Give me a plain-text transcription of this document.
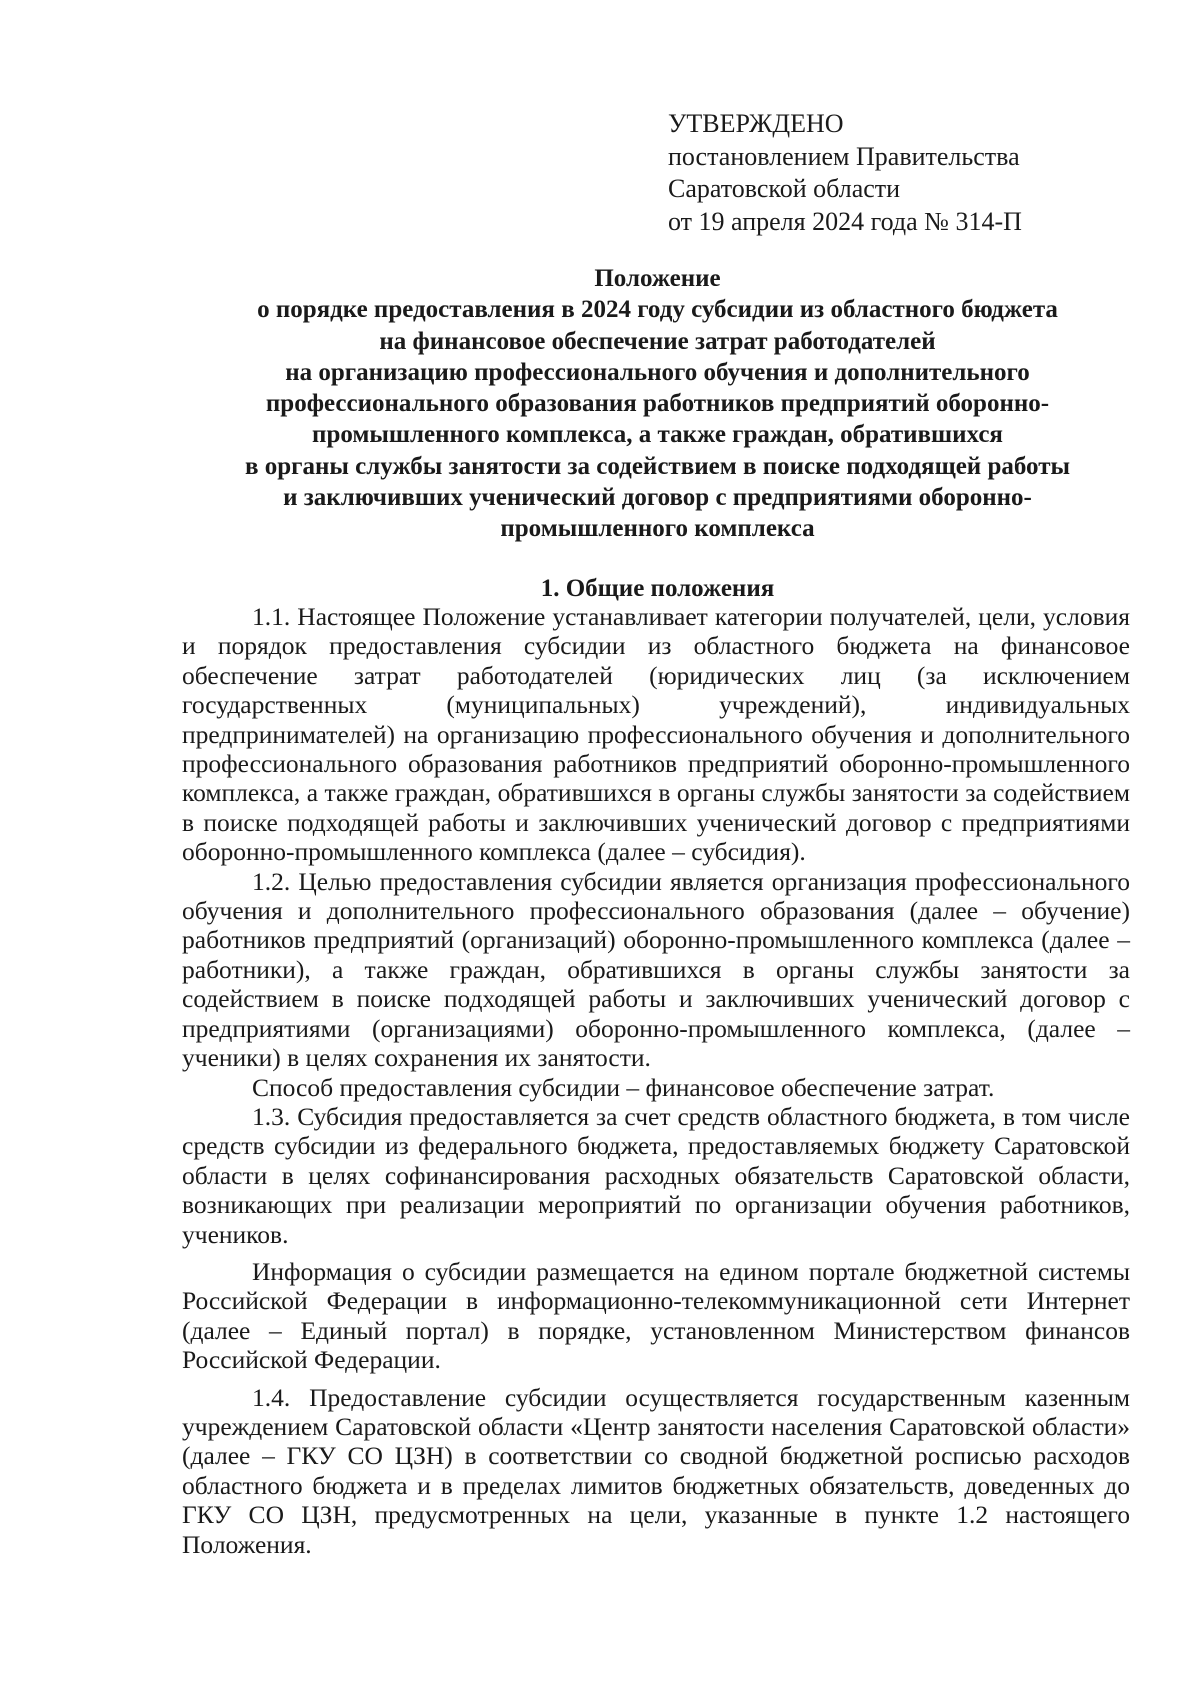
УТВЕРЖДЕНО
постановлением Правительства
Саратовской области
от 19 апреля 2024 года № 314-П
Положение
о порядке предоставления в 2024 году субсидии из областного бюджета
на финансовое обеспечение затрат работодателей
на организацию профессионального обучения и дополнительного
профессионального образования работников предприятий оборонно-
промышленного комплекса, а также граждан, обратившихся
в органы службы занятости за содействием в поиске подходящей работы
и заключивших ученический договор с предприятиями оборонно-
промышленного комплекса
1. Общие положения

1.1. Настоящее Положение устанавливает категории получателей, цели, условия и порядок предоставления субсидии из областного бюджета на финансовое обеспечение затрат работодателей (юридических лиц (за исключением государственных (муниципальных) учреждений), индивидуальных предпринимателей) на организацию профессионального обучения и дополнительного профессионального образования работников предприятий оборонно-промышленного комплекса, а также граждан, обратившихся в органы службы занятости за содействием в поиске подходящей работы и заключивших ученический договор с предприятиями оборонно-промышленного комплекса (далее – субсидия).

1.2. Целью предоставления субсидии является организация профессионального обучения и дополнительного профессионального образования (далее – обучение) работников предприятий (организаций) оборонно-промышленного комплекса (далее – работники), а также граждан, обратившихся в органы службы занятости за содействием в поиске подходящей работы и заключивших ученический договор с предприятиями (организациями) оборонно-промышленного комплекса, (далее – ученики) в целях сохранения их занятости.

Способ предоставления субсидии – финансовое обеспечение затрат.

1.3. Субсидия предоставляется за счет средств областного бюджета, в том числе средств субсидии из федерального бюджета, предоставляемых бюджету Саратовской области в целях софинансирования расходных обязательств Саратовской области, возникающих при реализации мероприятий по организации обучения работников, учеников.

Информация о субсидии размещается на едином портале бюджетной системы Российской Федерации в информационно-телекоммуникационной сети Интернет (далее – Единый портал) в порядке, установленном Министерством финансов Российской Федерации.

1.4. Предоставление субсидии осуществляется государственным казенным учреждением Саратовской области «Центр занятости населения Саратовской области» (далее – ГКУ СО ЦЗН) в соответствии со сводной бюджетной росписью расходов областного бюджета и в пределах лимитов бюджетных обязательств, доведенных до ГКУ СО ЦЗН, предусмотренных на цели, указанные в пункте 1.2 настоящего Положения.
